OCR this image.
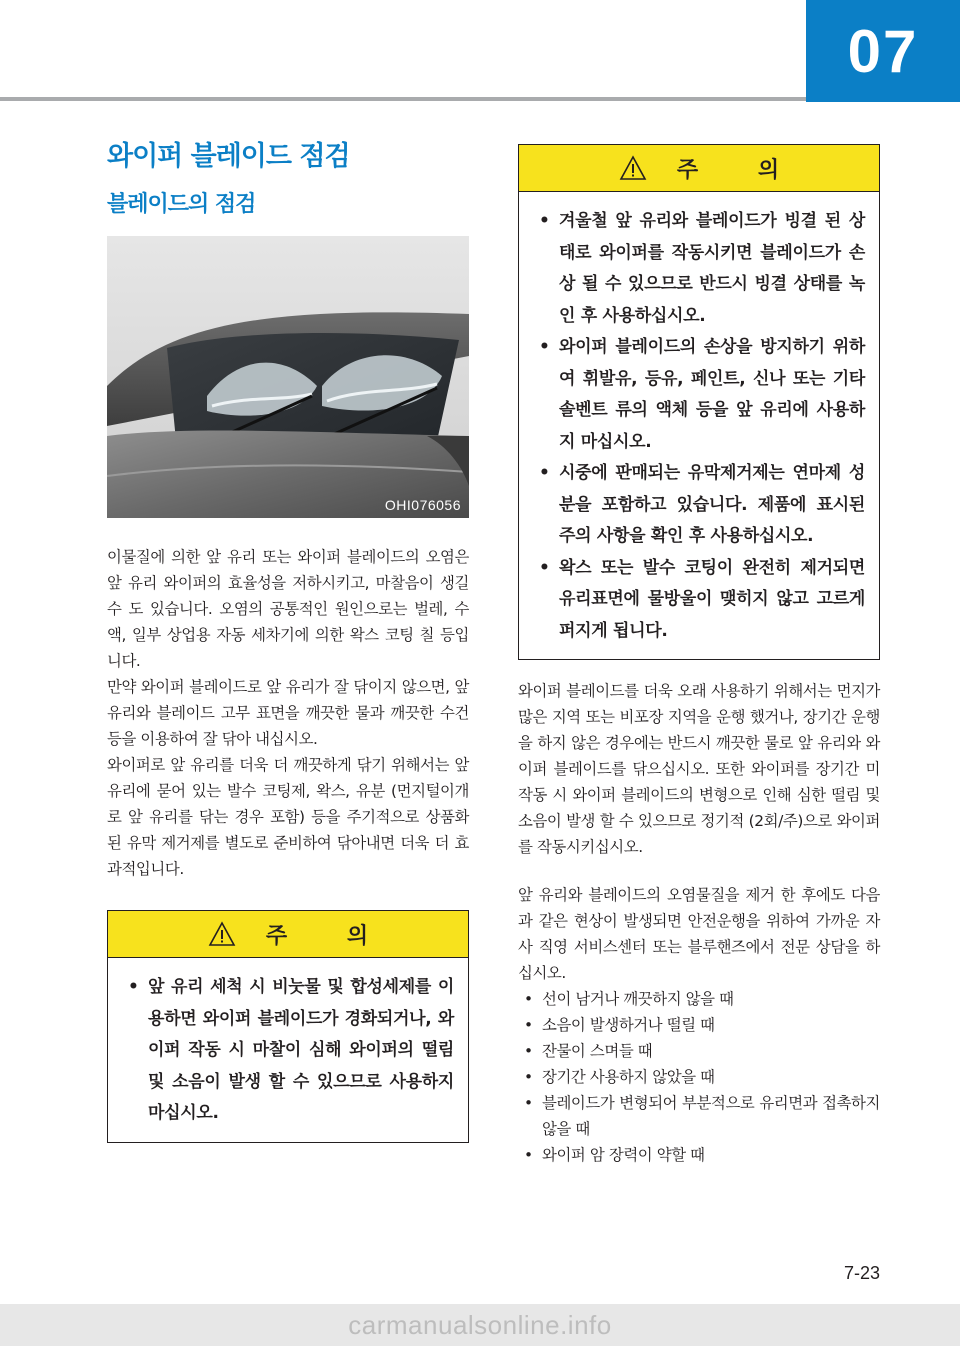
07
와이퍼 블레이드 점검
블레이드의 점검
OHI076056

이물질에 의한 앞 유리 또는 와이퍼 블레이드의 오염은 앞 유리 와이퍼의 효율성을 저하시키고, 마찰음이 생길 수 도 있습니다. 오염의 공통적인 원인으로는 벌레, 수액, 일부 상업용 자동 세차기에 의한 왁스 코팅 칠 등입니다.

만약 와이퍼 블레이드로 앞 유리가 잘 닦이지 않으면, 앞 유리와 블레이드 고무 표면을 깨끗한 물과 깨끗한 수건 등을 이용하여 잘 닦아 내십시오.

와이퍼로 앞 유리를 더욱 더 깨끗하게 닦기 위해서는 앞 유리에 묻어 있는 발수 코팅제, 왁스, 유분 (먼지털이개로 앞 유리를 닦는 경우 포함) 등을 주기적으로 상품화 된 유막 제거제를 별도로 준비하여 닦아내면 더욱 더 효과적입니다.

주 의
• 앞 유리 세척 시 비눗물 및 합성세제를 이용하면 와이퍼 블레이드가 경화되거나, 와이퍼 작동 시 마찰이 심해 와이퍼의 떨림 및 소음이 발생 할 수 있으므로 사용하지 마십시오.
주 의
• 겨울철 앞 유리와 블레이드가 빙결 된 상태로 와이퍼를 작동시키면 블레이드가 손상 될 수 있으므로 반드시 빙결 상태를 녹인 후 사용하십시오.
• 와이퍼 블레이드의 손상을 방지하기 위하여 휘발유, 등유, 페인트, 신나 또는 기타 솔벤트 류의 액체 등을 앞 유리에 사용하지 마십시오.
• 시중에 판매되는 유막제거제는 연마제 성분을 포함하고 있습니다. 제품에 표시된 주의 사항을 확인 후 사용하십시오.
• 왁스 또는 발수 코팅이 완전히 제거되면 유리표면에 물방울이 맺히지 않고 고르게 퍼지게 됩니다.

와이퍼 블레이드를 더욱 오래 사용하기 위해서는 먼지가 많은 지역 또는 비포장 지역을 운행 했거나, 장기간 운행을 하지 않은 경우에는 반드시 깨끗한 물로 앞 유리와 와이퍼 블레이드를 닦으십시오. 또한 와이퍼를 장기간 미 작동 시 와이퍼 블레이드의 변형으로 인해 심한 떨림 및 소음이 발생 할 수 있으므로 정기적 (2회/주)으로 와이퍼를 작동시키십시오.

앞 유리와 블레이드의 오염물질을 제거 한 후에도 다음과 같은 현상이 발생되면 안전운행을 위하여 가까운 자사 직영 서비스센터 또는 블루핸즈에서 전문 상담을 하십시오.

• 선이 남거나 깨끗하지 않을 때
• 소음이 발생하거나 떨릴 때
• 잔물이 스며들 때
• 장기간 사용하지 않았을 때
• 블레이드가 변형되어 부분적으로 유리면과 접촉하지 않을 때
• 와이퍼 암 장력이 약할 때
7-23
carmanualsonline.info
